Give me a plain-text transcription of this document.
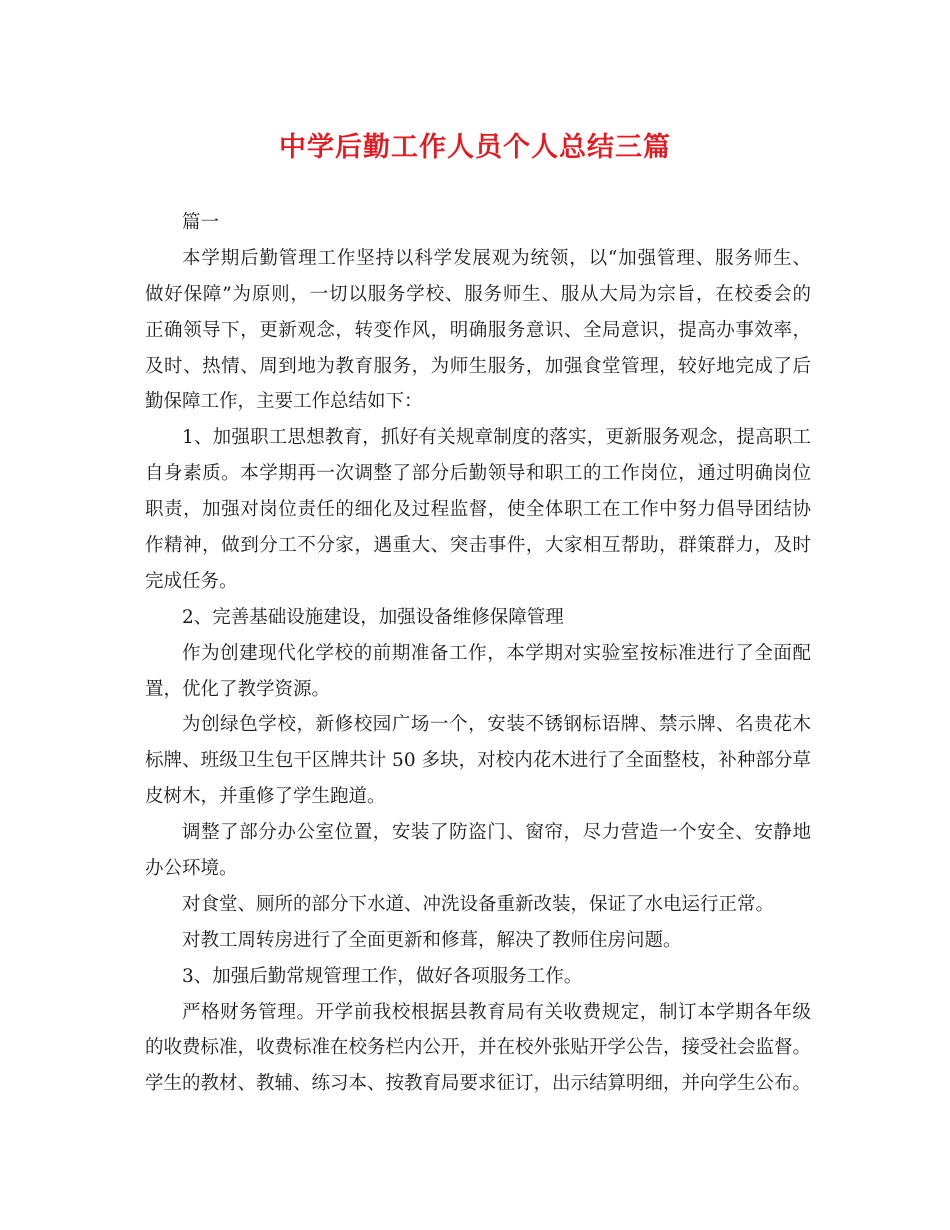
中学后勤工作人员个人总结三篇
篇一
本学期后勤管理工作坚持以科学发展观为统领，以“加强管理、服务师生、
做好保障”为原则，一切以服务学校、服务师生、服从大局为宗旨，在校委会的
正确领导下，更新观念，转变作风，明确服务意识、全局意识，提高办事效率，
及时、热情、周到地为教育服务，为师生服务，加强食堂管理，较好地完成了后
勤保障工作，主要工作总结如下：
1、加强职工思想教育，抓好有关规章制度的落实，更新服务观念，提高职工
自身素质。本学期再一次调整了部分后勤领导和职工的工作岗位，通过明确岗位
职责，加强对岗位责任的细化及过程监督，使全体职工在工作中努力倡导团结协
作精神，做到分工不分家，遇重大、突击事件，大家相互帮助，群策群力，及时
完成任务。
2、完善基础设施建设，加强设备维修保障管理
作为创建现代化学校的前期准备工作，本学期对实验室按标准进行了全面配
置，优化了教学资源。
为创绿色学校，新修校园广场一个，安装不锈钢标语牌、禁示牌、名贵花木
标牌、班级卫生包干区牌共计 50 多块，对校内花木进行了全面整枝，补种部分草
皮树木，并重修了学生跑道。
调整了部分办公室位置，安装了防盗门、窗帘，尽力营造一个安全、安静地
办公环境。
对食堂、厕所的部分下水道、冲洗设备重新改装，保证了水电运行正常。
对教工周转房进行了全面更新和修葺，解决了教师住房问题。
3、加强后勤常规管理工作，做好各项服务工作。
严格财务管理。开学前我校根据县教育局有关收费规定，制订本学期各年级
的收费标准，收费标准在校务栏内公开，并在校外张贴开学公告，接受社会监督。
学生的教材、教辅、练习本、按教育局要求征订，出示结算明细，并向学生公布。
